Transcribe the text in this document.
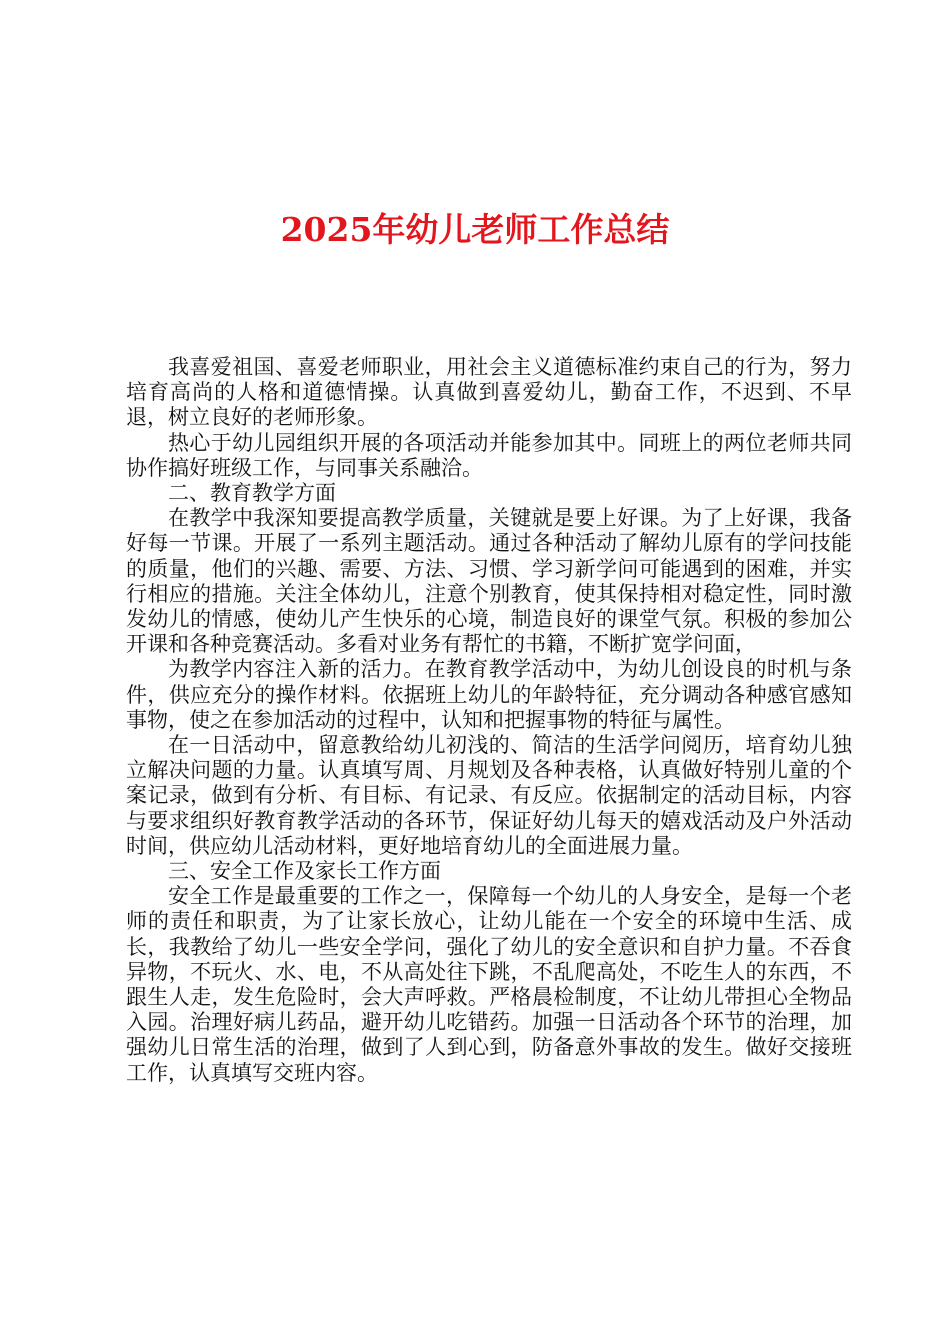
2025年幼儿老师工作总结

我喜爱祖国、喜爱老师职业，用社会主义道德标准约束自己的行为，努力培育高尚的人格和道德情操。认真做到喜爱幼儿，勤奋工作，不迟到、不早退，树立良好的老师形象。

热心于幼儿园组织开展的各项活动并能参加其中。同班上的两位老师共同协作搞好班级工作，与同事关系融洽。

二、教育教学方面

在教学中我深知要提高教学质量，关键就是要上好课。为了上好课，我备好每一节课。开展了一系列主题活动。通过各种活动了解幼儿原有的学问技能的质量，他们的兴趣、需要、方法、习惯、学习新学问可能遇到的困难，并实行相应的措施。关注全体幼儿，注意个别教育，使其保持相对稳定性，同时激发幼儿的情感，使幼儿产生快乐的心境，制造良好的课堂气氛。积极的参加公开课和各种竞赛活动。多看对业务有帮忙的书籍，不断扩宽学问面，

为教学内容注入新的活力。在教育教学活动中，为幼儿创设良的时机与条件，供应充分的操作材料。依据班上幼儿的年龄特征，充分调动各种感官感知事物，使之在参加活动的过程中，认知和把握事物的特征与属性。

在一日活动中，留意教给幼儿初浅的、简洁的生活学问阅历，培育幼儿独立解决问题的力量。认真填写周、月规划及各种表格，认真做好特别儿童的个案记录，做到有分析、有目标、有记录、有反应。依据制定的活动目标，内容与要求组织好教育教学活动的各环节，保证好幼儿每天的嬉戏活动及户外活动时间，供应幼儿活动材料，更好地培育幼儿的全面进展力量。

三、安全工作及家长工作方面

安全工作是最重要的工作之一，保障每一个幼儿的人身安全，是每一个老师的责任和职责，为了让家长放心，让幼儿能在一个安全的环境中生活、成长，我教给了幼儿一些安全学问，强化了幼儿的安全意识和自护力量。不吞食异物，不玩火、水、电，不从高处往下跳，不乱爬高处，不吃生人的东西，不跟生人走，发生危险时，会大声呼救。严格晨检制度，不让幼儿带担心全物品入园。治理好病儿药品，避开幼儿吃错药。加强一日活动各个环节的治理，加强幼儿日常生活的治理，做到了人到心到，防备意外事故的发生。做好交接班工作，认真填写交班内容。
